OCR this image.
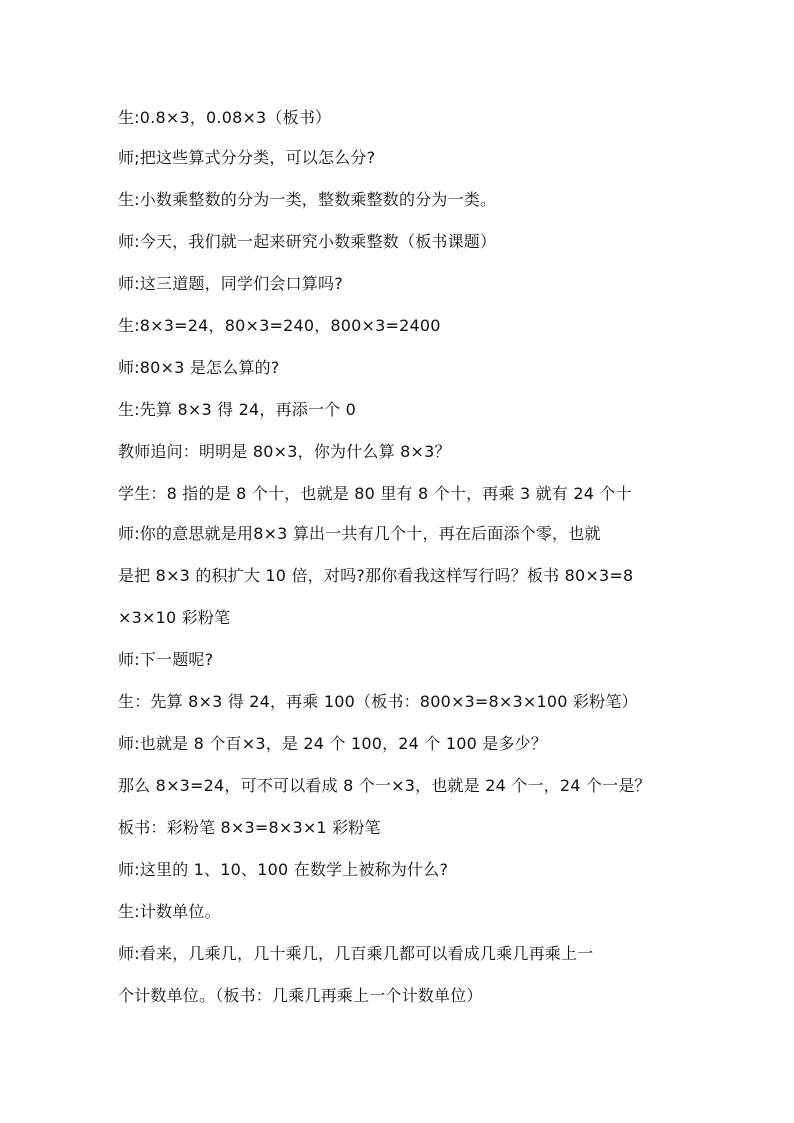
生:0.8×3，0.08×3（板书）
师;把这些算式分分类，可以怎么分?
生:小数乘整数的分为一类，整数乘整数的分为一类。
师:今天，我们就一起来研究小数乘整数（板书课题）
师:这三道题，同学们会口算吗?
生:8×3=24，80×3=240，800×3=2400
师:80×3 是怎么算的?
生:先算 8×3 得 24，再添一个 0
教师追问：明明是 80×3，你为什么算 8×3？
学生：8 指的是 8 个十，也就是 80 里有 8 个十，再乘 3 就有 24 个十
师:你的意思就是用8×3 算出一共有几个十，再在后面添个零，也就
是把 8×3 的积扩大 10 倍，对吗?那你看我这样写行吗？板书 80×3=8
×3×10 彩粉笔
师:下一题呢?
生：先算 8×3 得 24，再乘 100（板书：800×3=8×3×100 彩粉笔）
师:也就是 8 个百×3，是 24 个 100，24 个 100 是多少？
那么 8×3=24，可不可以看成 8 个一×3，也就是 24 个一，24 个一是？
板书：彩粉笔 8×3=8×3×1 彩粉笔
师:这里的 1、10、100 在数学上被称为什么?
生:计数单位。
师:看来，几乘几，几十乘几，几百乘几都可以看成几乘几再乘上一
个计数单位。（板书：几乘几再乘上一个计数单位）
